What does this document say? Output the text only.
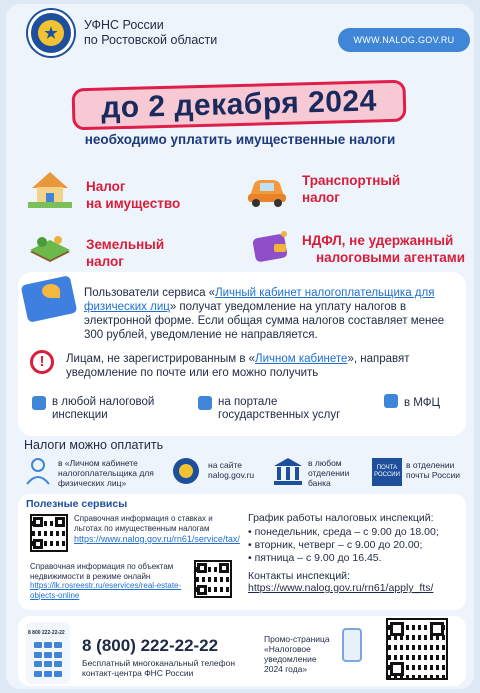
★	УФНС России
по Ростовской области	WWW.NALOG.GOV.RU
до 2 декабря 2024
необходимо уплатить имущественные налоги
Налог
на имущество
Транспортный
налог
Земельный
налог
НДФЛ, не удержанный
налоговыми агентами
Пользователи сервиса «Личный кабинет налогоплательщика для физических лиц» получат уведомление на уплату налогов в электронной форме. Если общая сумма налогов составляет менее 300 рублей, уведомление не направляется.
!	Лицам, не зарегистрированным в «Личном кабинете», направят уведомление по почте или его можно получить
в любой налоговой
инспекции
на портале
государственных услуг
в МФЦ
Налоги можно оплатить
в «Личном кабинете налогоплательщика для физических лиц»
на сайте nalog.gov.ru
в любом отделении банка
ПОЧТА РОССИИ
в отделении почты России
Полезные сервисы
Справочная информация о ставках и льготах по имущественным налогам
https://www.nalog.gov.ru/rn61/service/tax/
Справочная информация по объектам недвижимости в режиме онлайн
https://lk.rosreestr.ru/eservices/real-estate-objects-online
График работы налоговых инспекций:
• понедельник, среда – с 9.00 до 18.00;
• вторник, четверг – с 9.00 до 20.00;
• пятница – с 9.00 до 16.45.
Контакты инспекций:
https://www.nalog.gov.ru/rn61/apply_fts/
8 800 222-22-22
8 (800) 222-22-22
Бесплатный многоканальный телефон
контакт-центра ФНС России
Промо-страница
«Налоговое
уведомление
2024 года»
